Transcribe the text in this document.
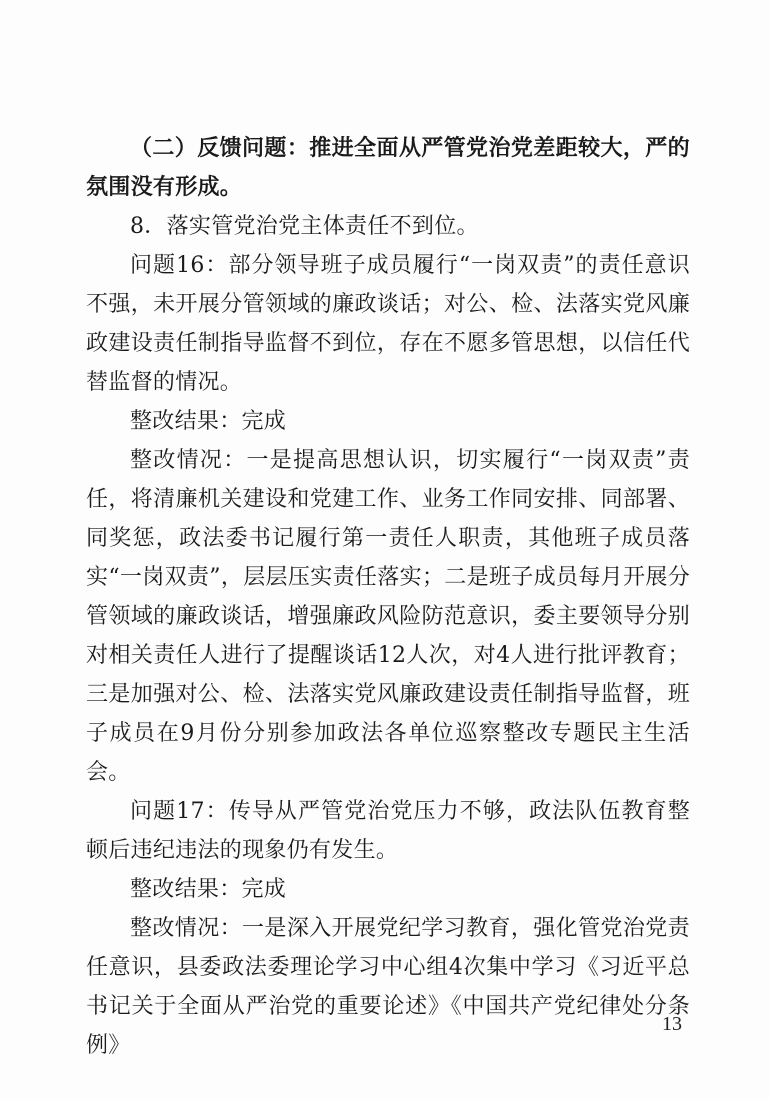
（二）反馈问题：推进全面从严管党治党差距较大，严的氛围没有形成。

8．落实管党治党主体责任不到位。

问题16：部分领导班子成员履行“一岗双责”的责任意识不强，未开展分管领域的廉政谈话；对公、检、法落实党风廉政建设责任制指导监督不到位，存在不愿多管思想，以信任代替监督的情况。

整改结果：完成

整改情况：一是提高思想认识，切实履行“一岗双责”责任，将清廉机关建设和党建工作、业务工作同安排、同部署、同奖惩，政法委书记履行第一责任人职责，其他班子成员落实“一岗双责”，层层压实责任落实；二是班子成员每月开展分管领域的廉政谈话，增强廉政风险防范意识，委主要领导分别对相关责任人进行了提醒谈话12人次，对4人进行批评教育；三是加强对公、检、法落实党风廉政建设责任制指导监督，班子成员在9月份分别参加政法各单位巡察整改专题民主生活会。

问题17：传导从严管党治党压力不够，政法队伍教育整顿后违纪违法的现象仍有发生。

整改结果：完成

整改情况：一是深入开展党纪学习教育，强化管党治党责任意识，县委政法委理论学习中心组4次集中学习《习近平总书记关于全面从严治党的重要论述》《中国共产党纪律处分条例》

13
